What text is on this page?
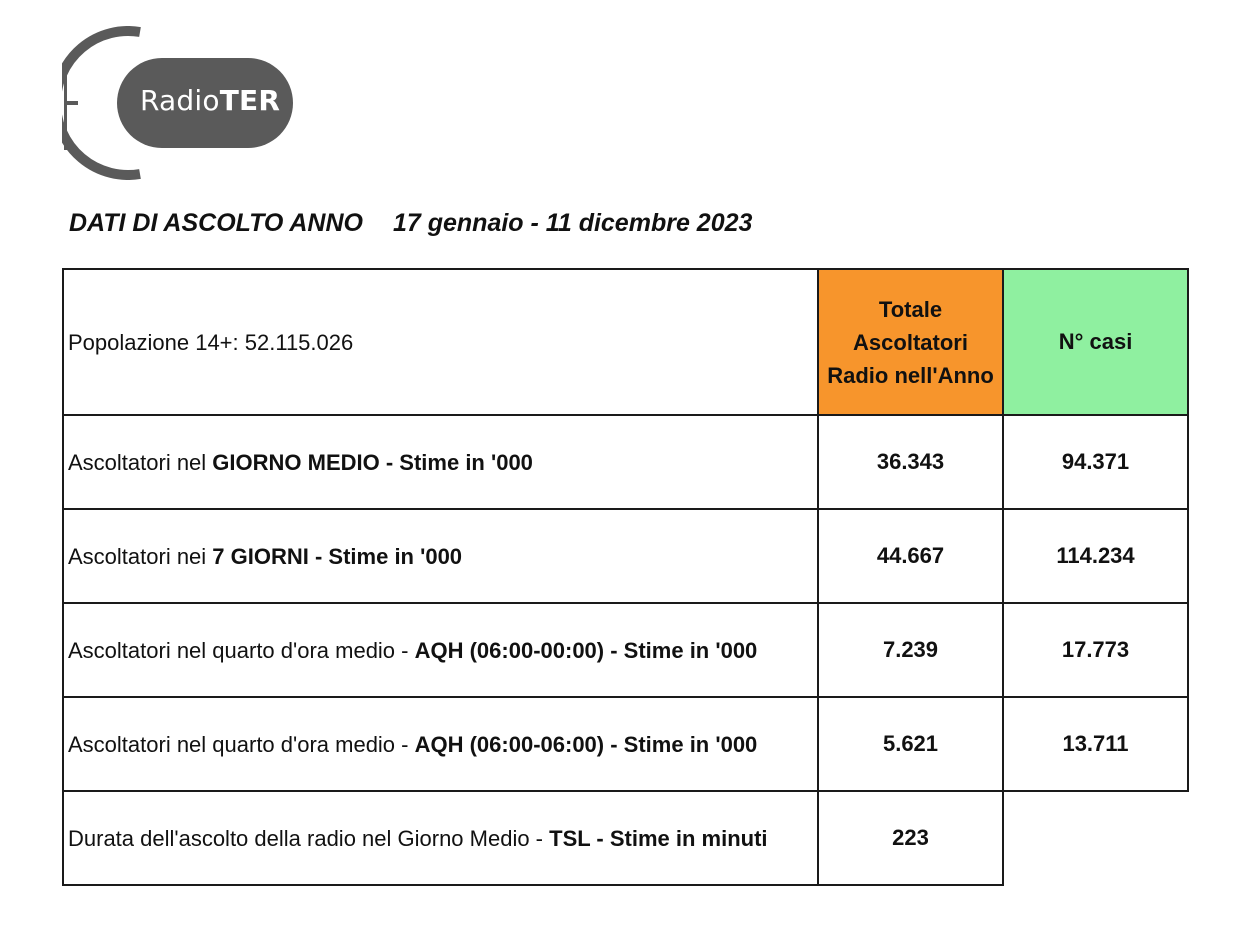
RadioTER
DATI DI ASCOLTO ANNO 17 gennaio - 11 dicembre 2023
Popolazione 14+: 52.115.026	Totale Ascoltatori Radio nell'Anno	N° casi
Ascoltatori nel GIORNO MEDIO - Stime in '000	36.343	94.371
Ascoltatori nei 7 GIORNI - Stime in '000	44.667	114.234
Ascoltatori nel quarto d'ora medio - AQH (06:00-00:00) - Stime in '000	7.239	17.773
Ascoltatori nel quarto d'ora medio - AQH (06:00-06:00) - Stime in '000	5.621	13.711
Durata dell'ascolto della radio nel Giorno Medio - TSL - Stime in minuti	223	
